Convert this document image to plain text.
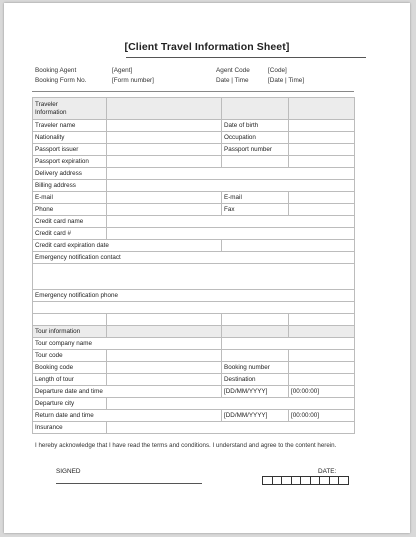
[Client Travel Information Sheet]
Booking Agent	[Agent]	Agent Code	[Code]
Booking Form No.	[Form number]	Date | Time	[Date | Time]
Traveler
Information			
Traveler name		Date of birth	
Nationality		Occupation	
Passport issuer		Passport number	
Passport expiration			
Delivery address			
Billing address			
E-mail		E-mail	
Phone		Fax	
Credit card name			
Credit card #			
Credit card expiration date			
Emergency notification contact			

Emergency notification phone			

Tour information			
Tour company name			
Tour code			
Booking code		Booking number	
Length of tour		Destination	
Departure date and time		[DD/MM/YYYY]	[00:00:00]
Departure city			
Return date and time		[DD/MM/YYYY]	[00:00:00]
Insurance			
I hereby acknowledge that I have read the terms and conditions. I understand and agree to the content herein.
SIGNED	DATE:
